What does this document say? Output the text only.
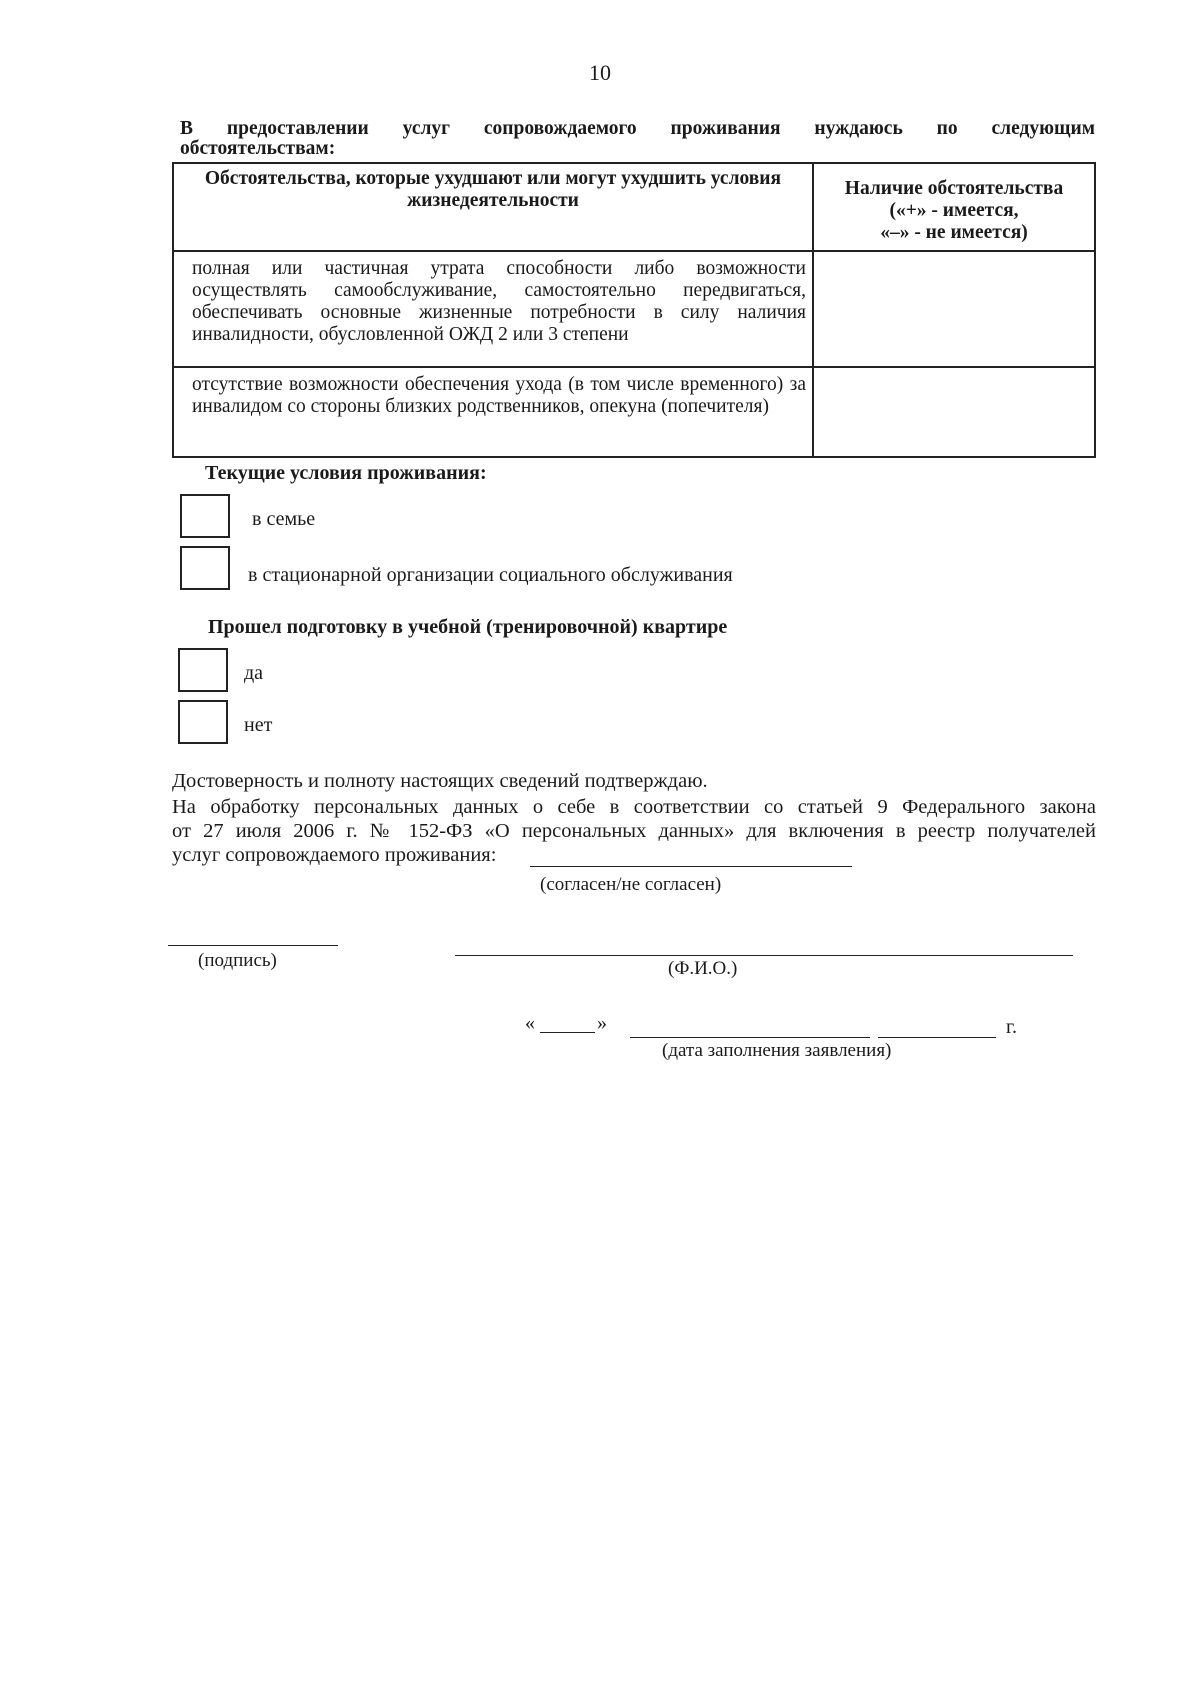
10
В предоставлении услуг сопровождаемого проживания нуждаюсь по следующим
обстоятельствам:
Обстоятельства, которые ухудшают или могут ухудшить условия жизнедеятельности	Наличие обстоятельства
(«+» - имеется,
«–» - не имеется)

полная или частичная утрата способности либо возможности осуществлять самообслуживание, самостоятельно передвигаться, обеспечивать основные жизненные потребности в силу наличия инвалидности, обусловленной ОЖД 2 или 3 степени	
отсутствие возможности обеспечения ухода (в том числе временного) за инвалидом со стороны близких родственников, опекуна (попечителя)	
Текущие условия проживания:
в семье
в стационарной организации социального обслуживания
Прошел подготовку в учебной (тренировочной) квартире
да
нет
Достоверность и полноту настоящих сведений подтверждаю.
На обработку персональных данных о себе в соответствии со статьей 9 Федерального закона
от 27 июля 2006 г. № 152-ФЗ «О персональных данных» для включения в реестр получателей
услуг сопровождаемого проживания:
(согласен/не согласен)
(подпись)	(Ф.И.О.)
«	»	г.
(дата заполнения заявления)
